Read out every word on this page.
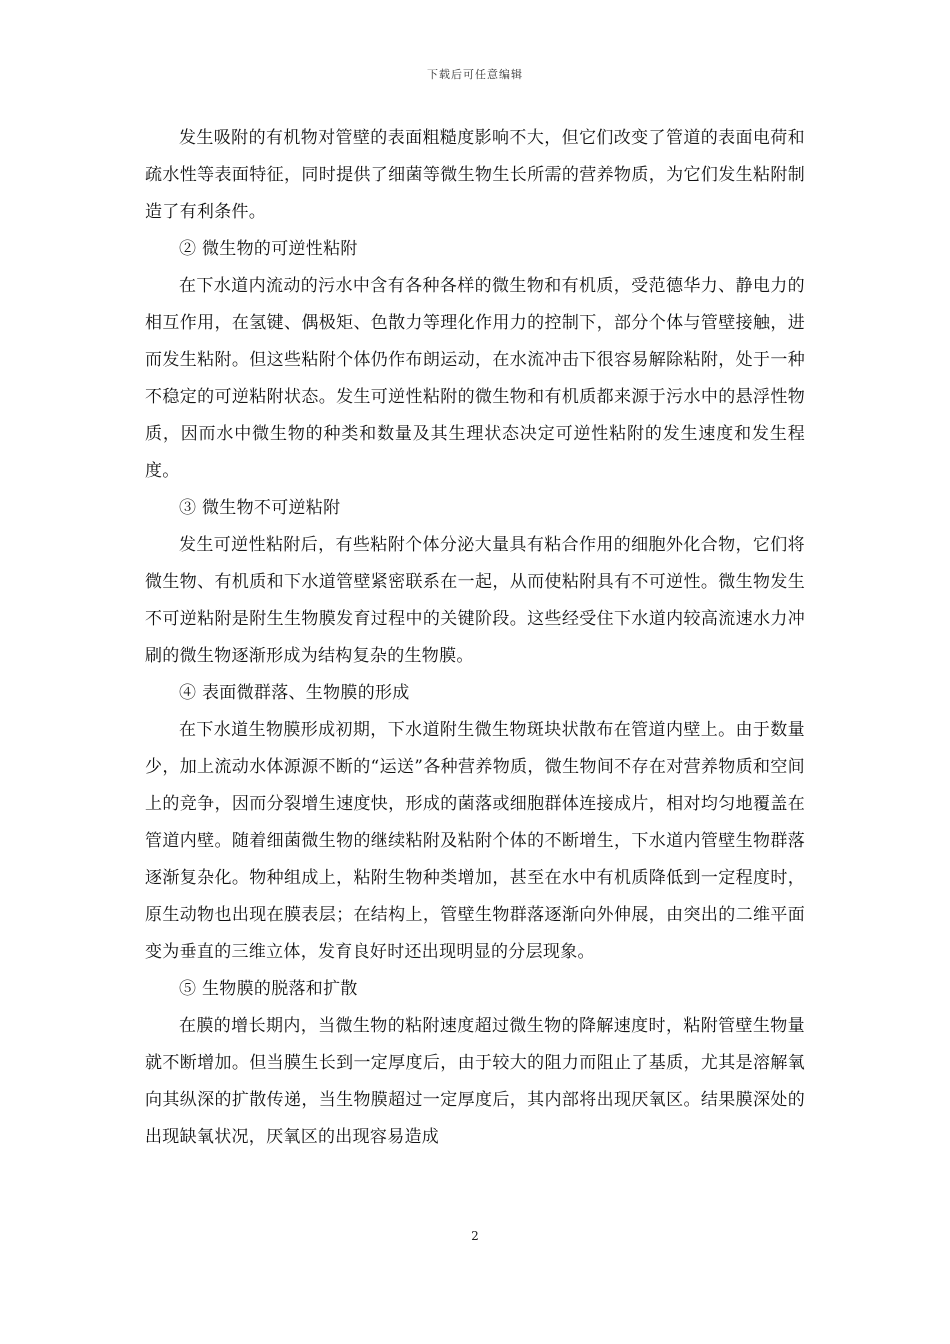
下载后可任意编辑

发生吸附的有机物对管壁的表面粗糙度影响不大，但它们改变了管道的表面电荷和疏水性等表面特征，同时提供了细菌等微生物生长所需的营养物质，为它们发生粘附制造了有利条件。

② 微生物的可逆性粘附

在下水道内流动的污水中含有各种各样的微生物和有机质，受范德华力、静电力的相互作用，在氢键、偶极矩、色散力等理化作用力的控制下，部分个体与管壁接触，进而发生粘附。但这些粘附个体仍作布朗运动，在水流冲击下很容易解除粘附，处于一种不稳定的可逆粘附状态。发生可逆性粘附的微生物和有机质都来源于污水中的悬浮性物质，因而水中微生物的种类和数量及其生理状态决定可逆性粘附的发生速度和发生程度。

③ 微生物不可逆粘附

发生可逆性粘附后，有些粘附个体分泌大量具有粘合作用的细胞外化合物，它们将微生物、有机质和下水道管壁紧密联系在一起，从而使粘附具有不可逆性。微生物发生不可逆粘附是附生生物膜发育过程中的关键阶段。这些经受住下水道内较高流速水力冲刷的微生物逐渐形成为结构复杂的生物膜。

④ 表面微群落、生物膜的形成

在下水道生物膜形成初期，下水道附生微生物斑块状散布在管道内壁上。由于数量少，加上流动水体源源不断的“运送”各种营养物质，微生物间不存在对营养物质和空间上的竞争，因而分裂增生速度快，形成的菌落或细胞群体连接成片，相对均匀地覆盖在管道内壁。随着细菌微生物的继续粘附及粘附个体的不断增生，下水道内管壁生物群落逐渐复杂化。物种组成上，粘附生物种类增加，甚至在水中有机质降低到一定程度时，原生动物也出现在膜表层；在结构上，管壁生物群落逐渐向外伸展，由突出的二维平面变为垂直的三维立体，发育良好时还出现明显的分层现象。

⑤ 生物膜的脱落和扩散

在膜的增长期内，当微生物的粘附速度超过微生物的降解速度时，粘附管壁生物量就不断增加。但当膜生长到一定厚度后，由于较大的阻力而阻止了基质，尤其是溶解氧向其纵深的扩散传递，当生物膜超过一定厚度后，其内部将出现厌氧区。结果膜深处的出现缺氧状况，厌氧区的出现容易造成

2
